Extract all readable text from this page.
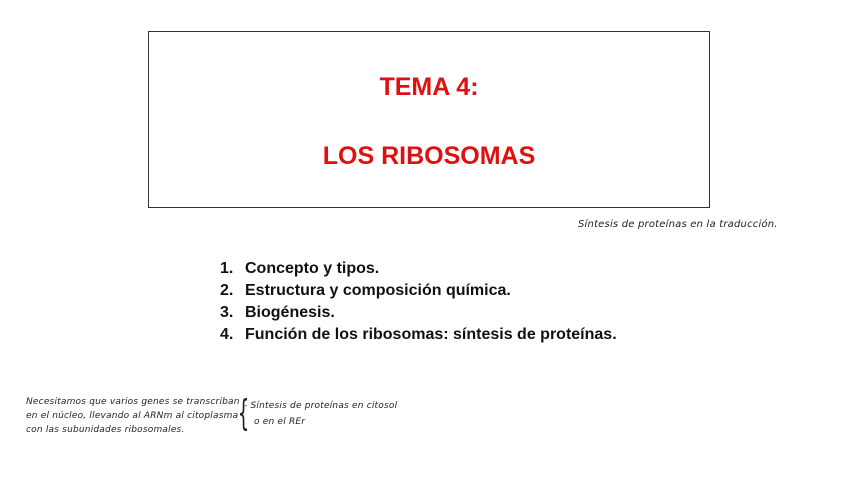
TEMA 4:
LOS RIBOSOMAS
Síntesis de proteínas en la traducción.
1. Concepto y tipos.
2. Estructura y composición química.
3. Biogénesis.
4. Función de los ribosomas: síntesis de proteínas.
Necesitamos que varios genes se transcriban
en el núcleo, llevando al ARNm al citoplasma
con las subunidades ribosomales.	{
- Síntesis de proteínas en citosol
o en el REr
